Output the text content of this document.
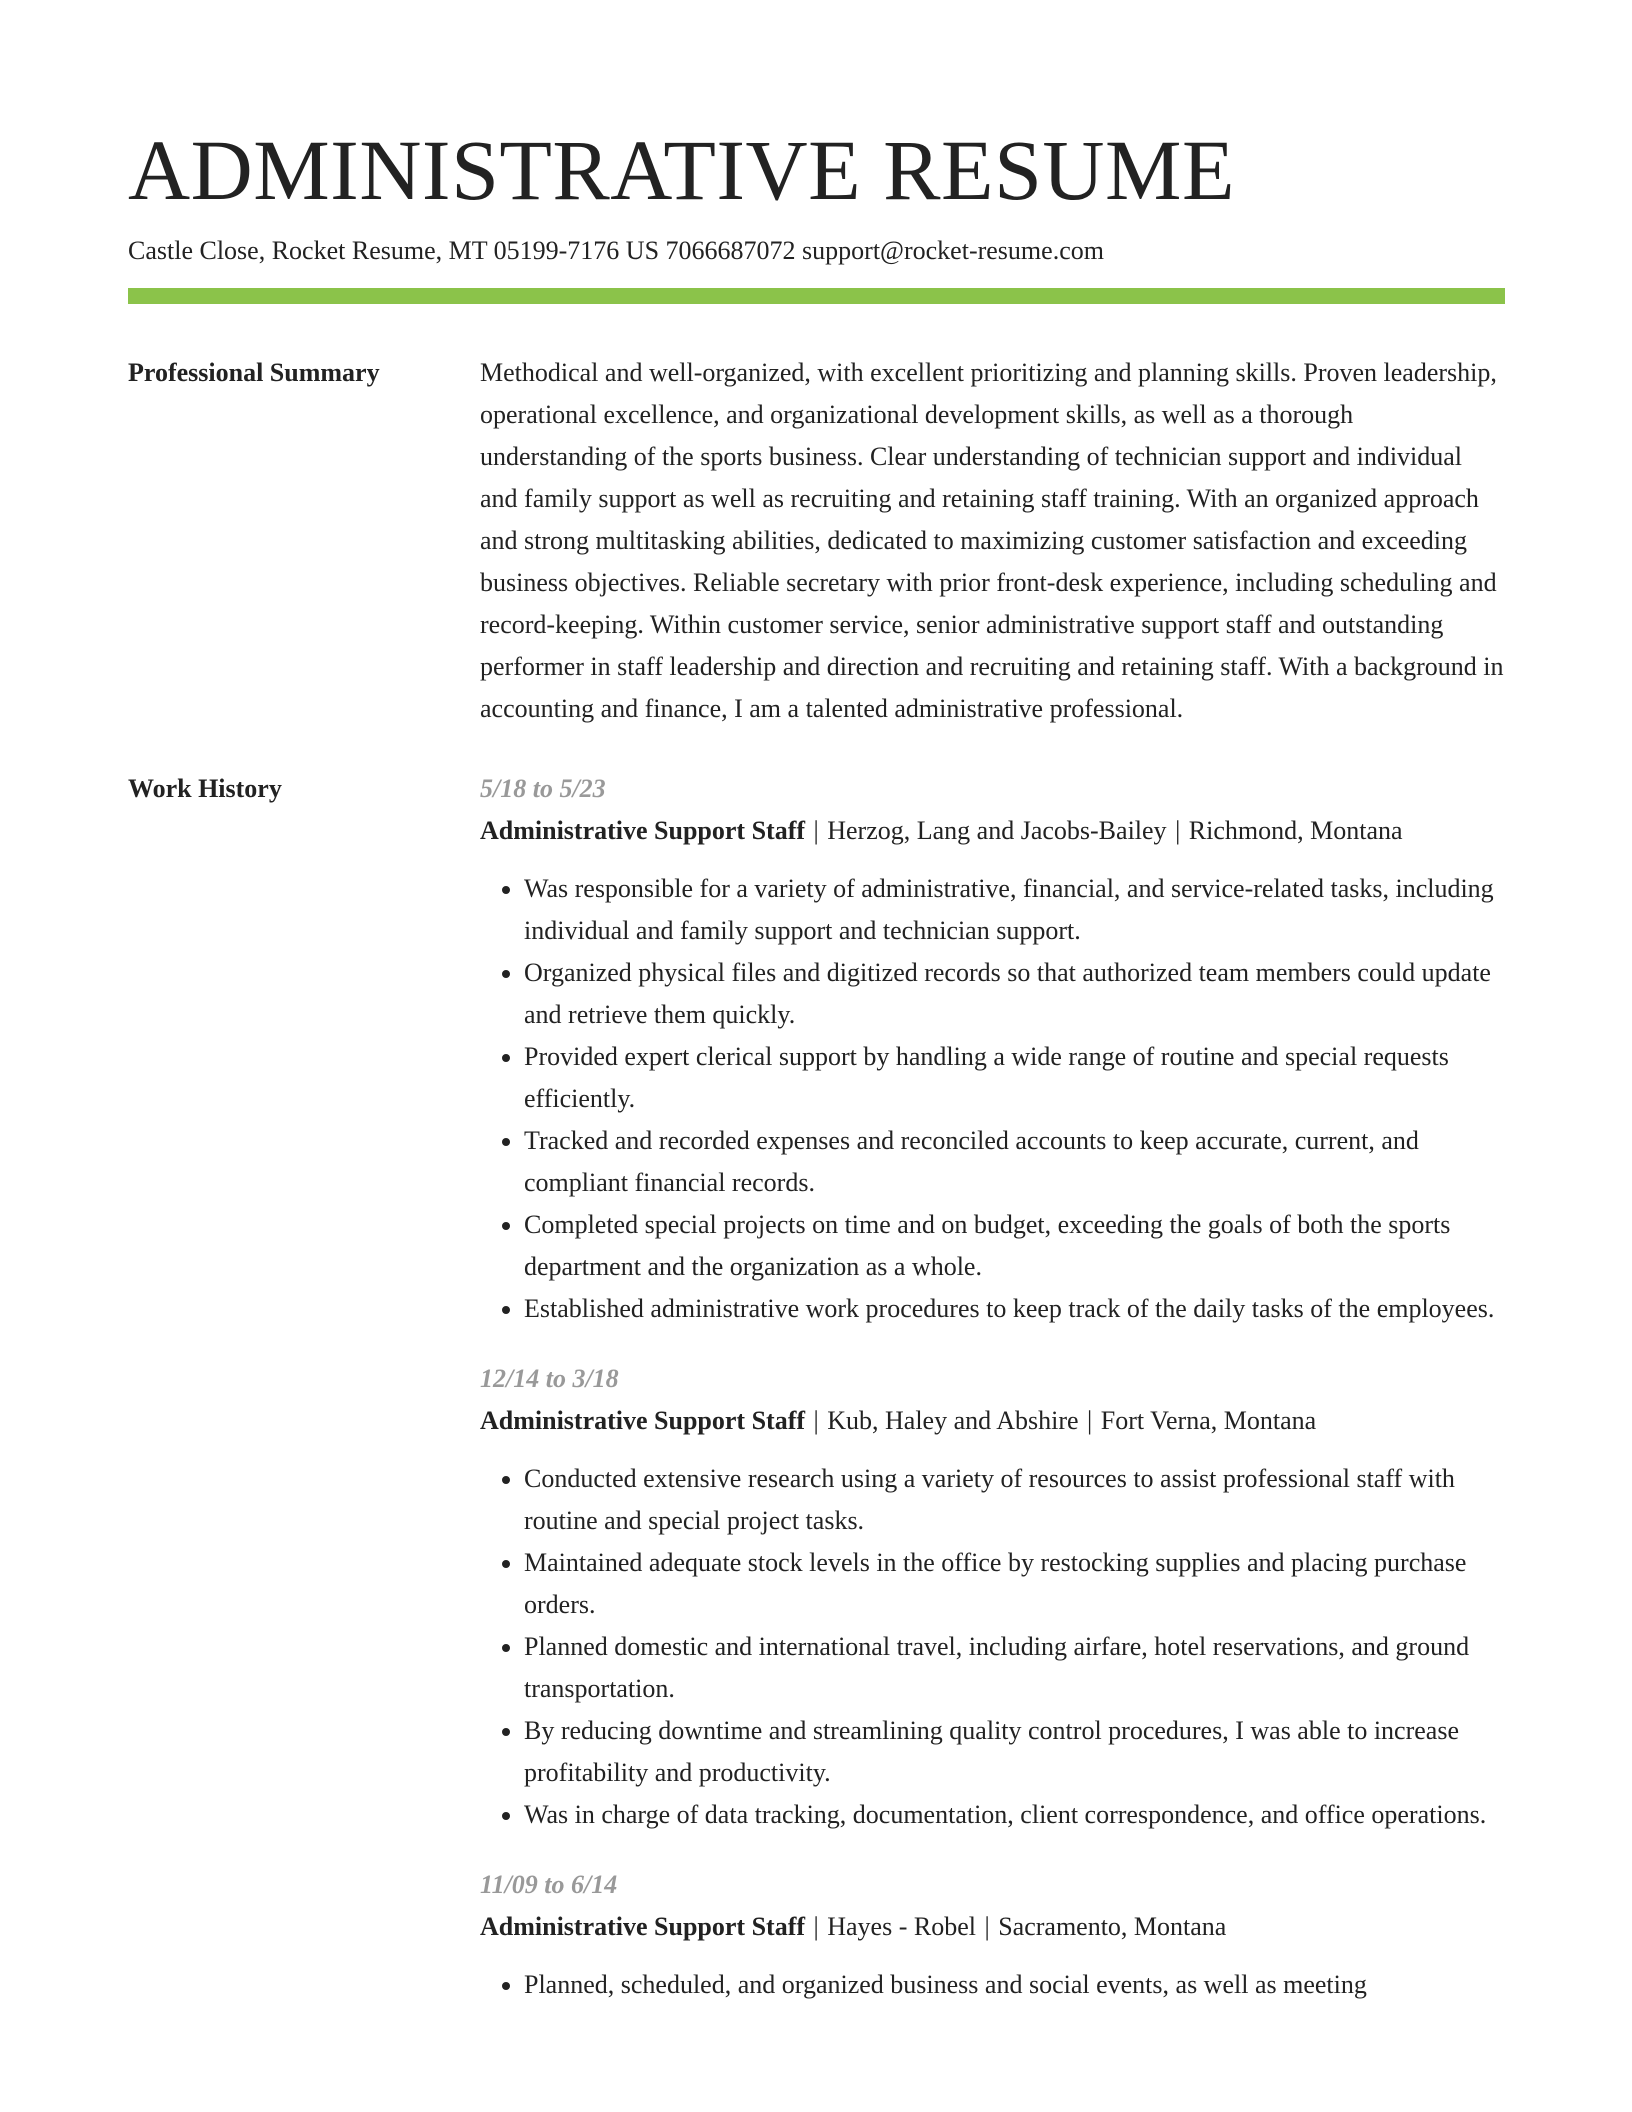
ADMINISTRATIVE RESUME
Castle Close, Rocket Resume, MT 05199-7176 US 7066687072 support@rocket-resume.com
Professional Summary	Methodical and well-organized, with excellent prioritizing and planning skills. Proven leadership, operational excellence, and organizational development skills, as well as a thorough understanding of the sports business. Clear understanding of technician support and individual and family support as well as recruiting and retaining staff training. With an organized approach and strong multitasking abilities, dedicated to maximizing customer satisfaction and exceeding business objectives. Reliable secretary with prior front-desk experience, including scheduling and record-keeping. Within customer service, senior administrative support staff and outstanding performer in staff leadership and direction and recruiting and retaining staff. With a background in accounting and finance, I am a talented administrative professional.

Work History	5/18 to 5/23
Administrative Support Staff | Herzog, Lang and Jacobs-Bailey | Richmond, Montana
• Was responsible for a variety of administrative, financial, and service-related tasks, including individual and family support and technician support.
• Organized physical files and digitized records so that authorized team members could update and retrieve them quickly.
• Provided expert clerical support by handling a wide range of routine and special requests efficiently.
• Tracked and recorded expenses and reconciled accounts to keep accurate, current, and compliant financial records.
• Completed special projects on time and on budget, exceeding the goals of both the sports department and the organization as a whole.
• Established administrative work procedures to keep track of the daily tasks of the employees.
12/14 to 3/18
Administrative Support Staff | Kub, Haley and Abshire | Fort Verna, Montana
• Conducted extensive research using a variety of resources to assist professional staff with routine and special project tasks.
• Maintained adequate stock levels in the office by restocking supplies and placing purchase orders.
• Planned domestic and international travel, including airfare, hotel reservations, and ground transportation.
• By reducing downtime and streamlining quality control procedures, I was able to increase profitability and productivity.
• Was in charge of data tracking, documentation, client correspondence, and office operations.
11/09 to 6/14
Administrative Support Staff | Hayes - Robel | Sacramento, Montana
• Planned, scheduled, and organized business and social events, as well as meeting
